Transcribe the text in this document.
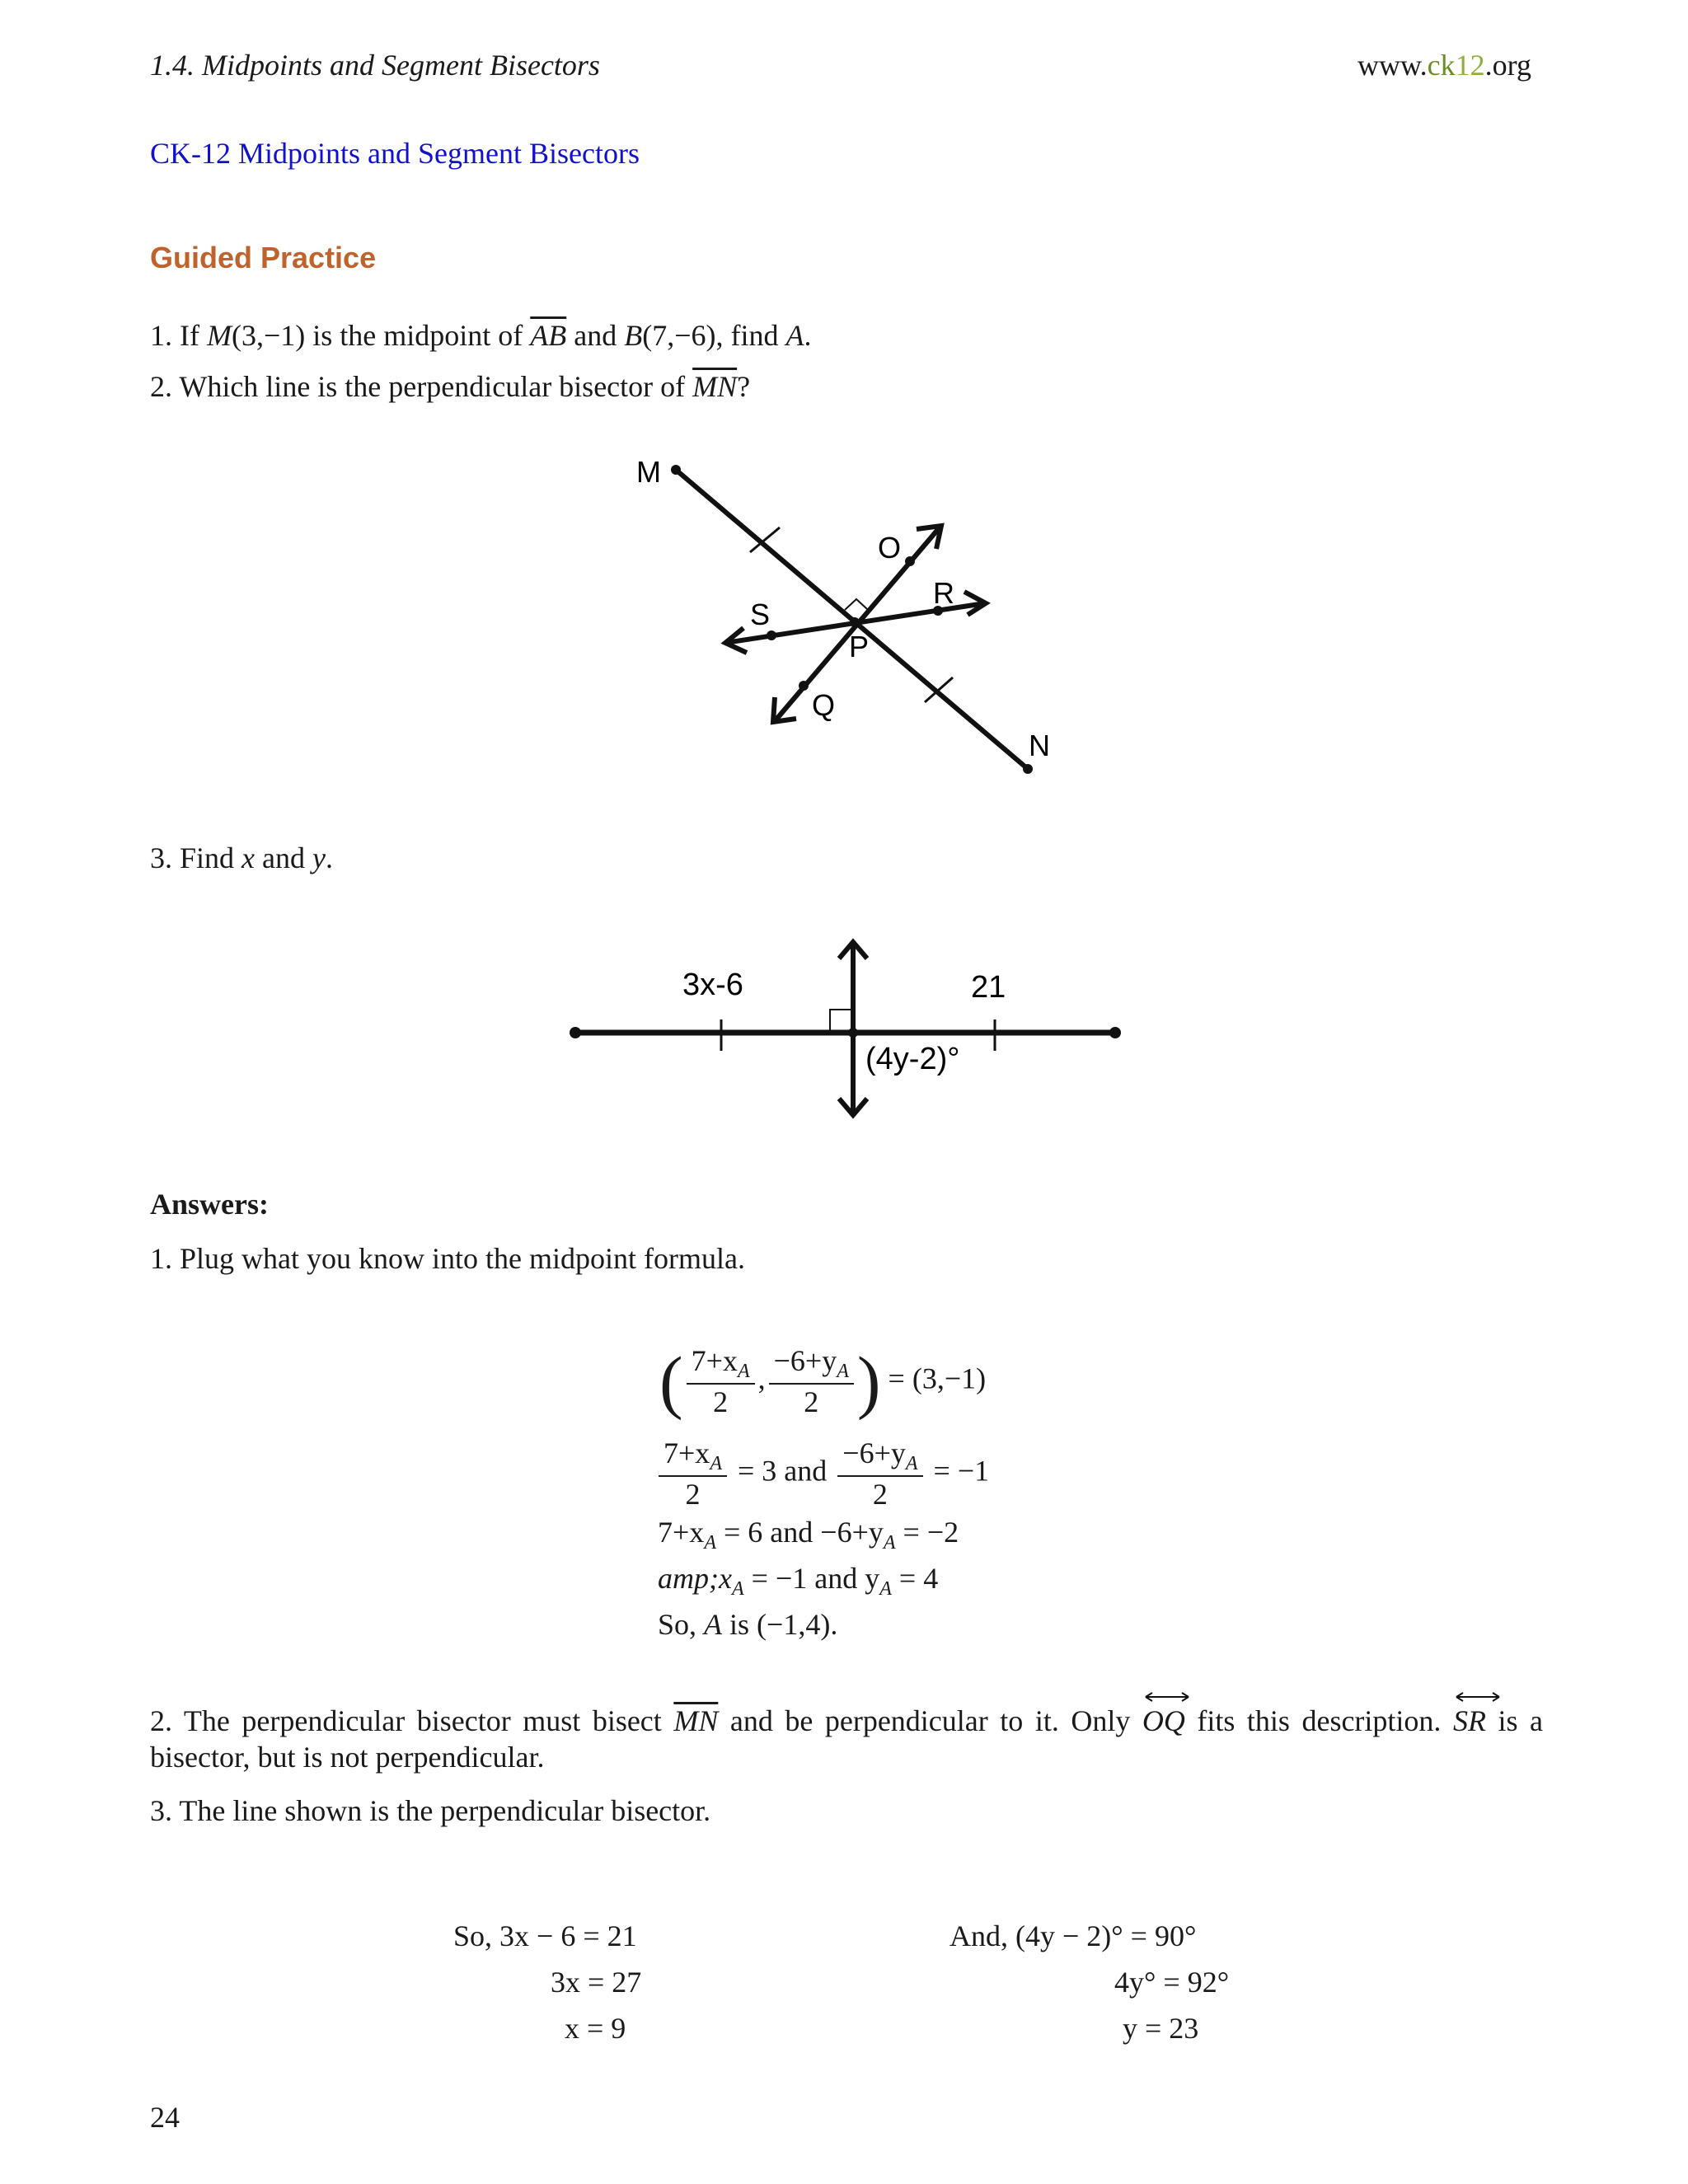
1.4. Midpoints and Segment Bisectors	www.ck12.org
CK-12 Midpoints and Segment Bisectors
Guided Practice
1. If M(3,−1) is the midpoint of $\overline{AB}$ and B(7,−6), find A.
2. Which line is the perpendicular bisector of $\overline{MN}$?
M
N
O
P
Q
R
S
3. Find x and y.
3x-6	21
(4y-2)°
Answers:
1. Plug what you know into the midpoint formula.
( $\frac{7+x_A}{2}$ , $\frac{-6+y_A}{2}$ ) = (3,−1)
$\frac{7+x_A}{2} = 3$ and $\frac{-6+y_A}{2} = -1$
$7+x_A = 6$ and $-6+y_A = -2$
$amp;x_A = -1$ and $y_A = 4$
So, A is (−1,4).
2. The perpendicular bisector must bisect $\overline{MN}$ and be perpendicular to it. Only
OQ fits this description.
SR is a bisector, but is not perpendicular.
3. The line shown is the perpendicular bisector.
So, 3x − 6 = 21
3x = 27
x = 9
And, (4y − 2)° = 90°
4y° = 92°
y = 23
24
